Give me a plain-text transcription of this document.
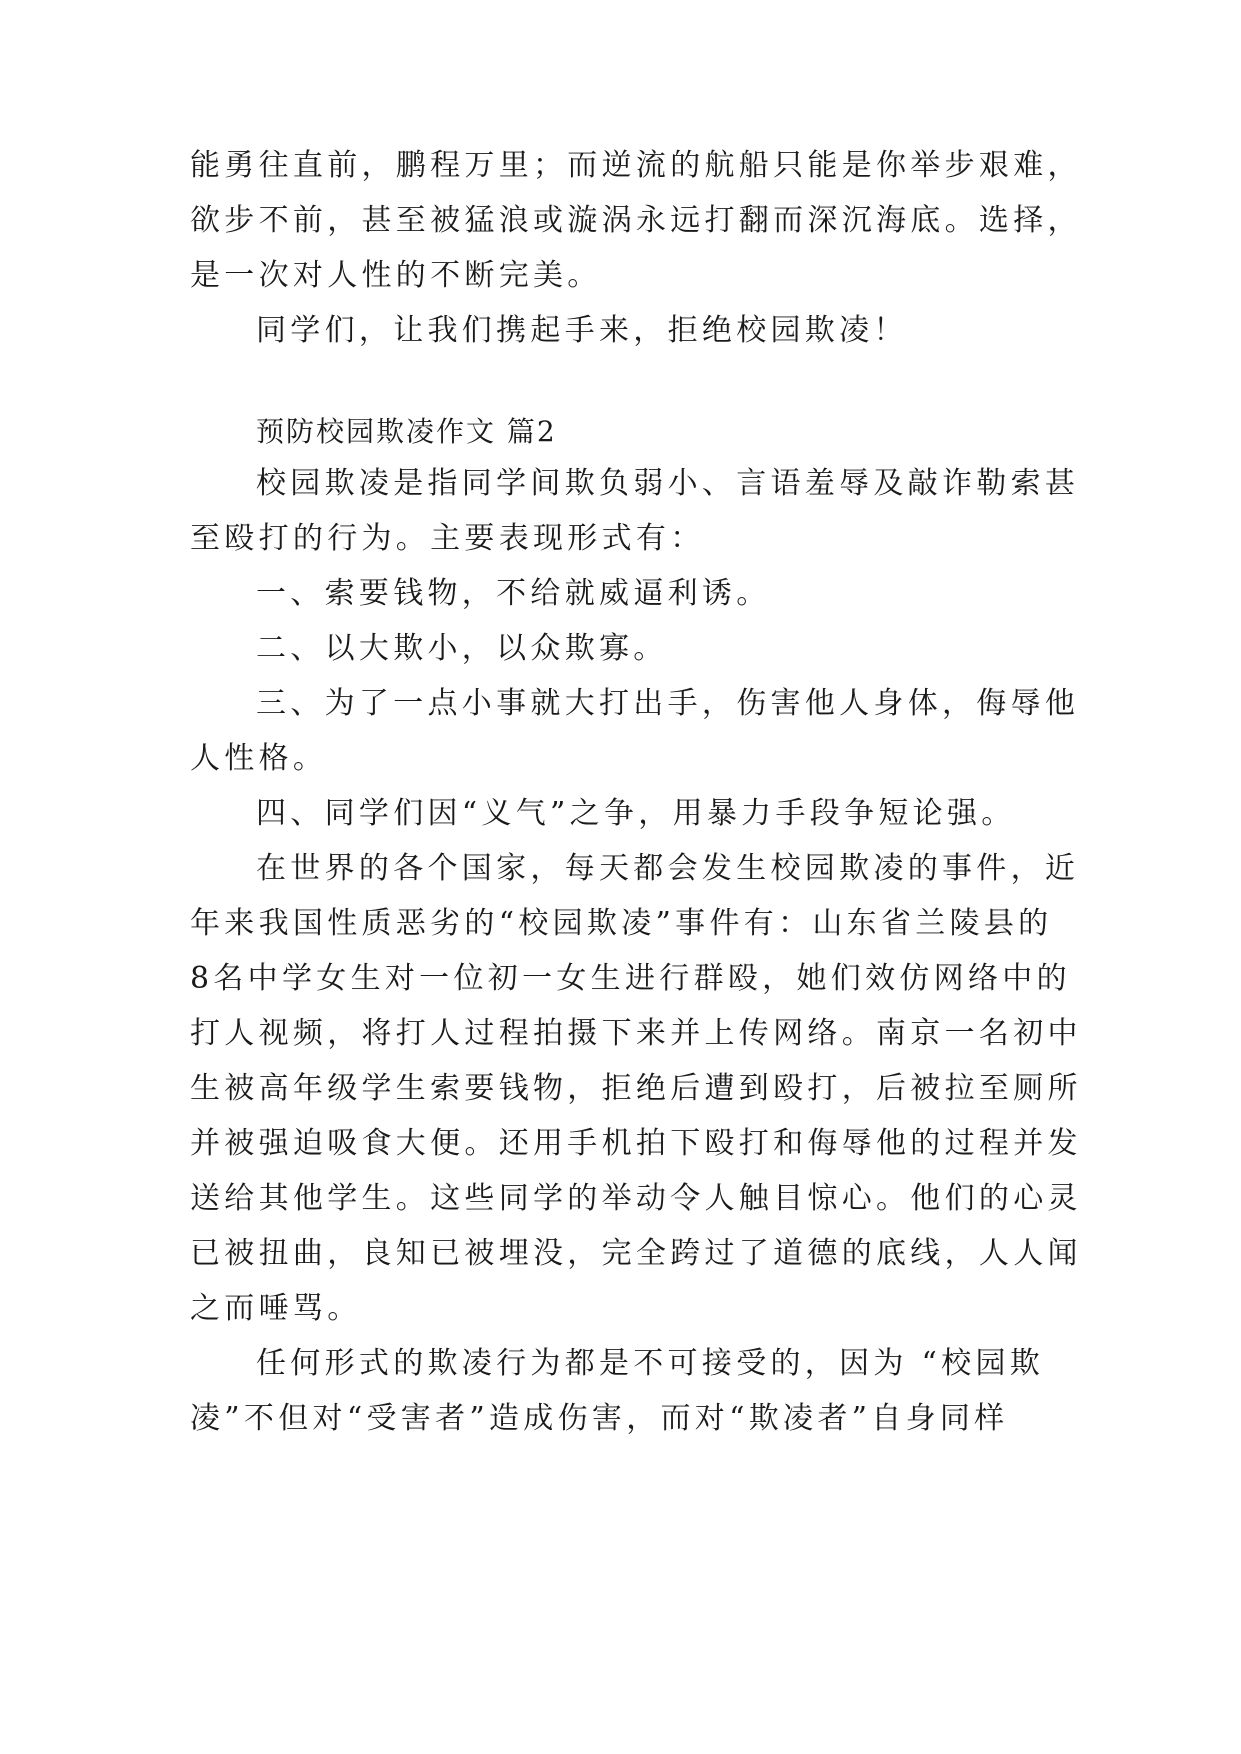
能勇往直前，鹏程万里；而逆流的航船只能是你举步艰难，
欲步不前，甚至被猛浪或漩涡永远打翻而深沉海底。选择，
是一次对人性的不断完美。
同学们，让我们携起手来，拒绝校园欺凌！
预防校园欺凌作文 篇2
校园欺凌是指同学间欺负弱小、言语羞辱及敲诈勒索甚
至殴打的行为。主要表现形式有：
一、索要钱物，不给就威逼利诱。
二、以大欺小，以众欺寡。
三、为了一点小事就大打出手，伤害他人身体，侮辱他
人性格。
四、同学们因“义气”之争，用暴力手段争短论强。
在世界的各个国家，每天都会发生校园欺凌的事件，近
年来我国性质恶劣的“校园欺凌”事件有：山东省兰陵县的
8名中学女生对一位初一女生进行群殴，她们效仿网络中的
打人视频，将打人过程拍摄下来并上传网络。南京一名初中
生被高年级学生索要钱物，拒绝后遭到殴打，后被拉至厕所
并被强迫吸食大便。还用手机拍下殴打和侮辱他的过程并发
送给其他学生。这些同学的举动令人触目惊心。他们的心灵
已被扭曲，良知已被埋没，完全跨过了道德的底线，人人闻
之而唾骂。
任何形式的欺凌行为都是不可接受的，因为 “校园欺
凌”不但对“受害者”造成伤害，而对“欺凌者”自身同样
